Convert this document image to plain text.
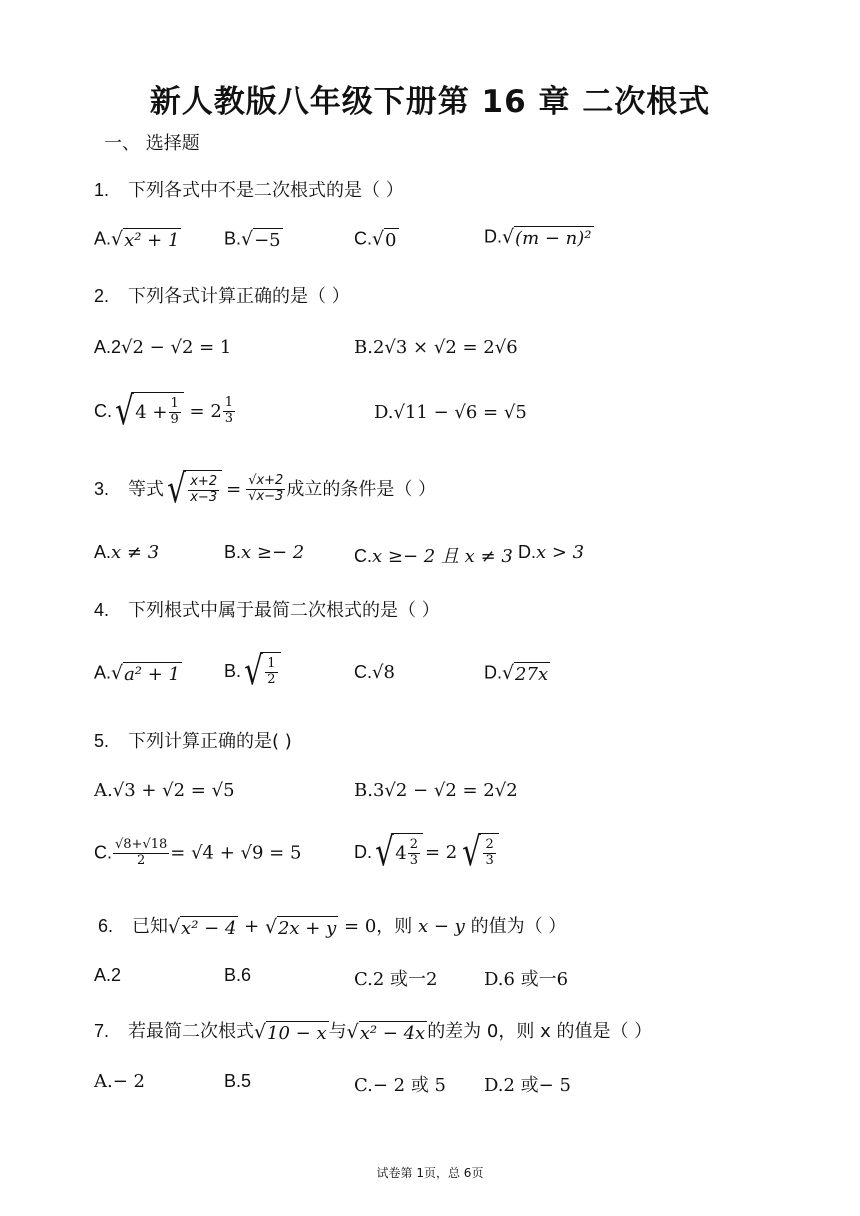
新人教版八年级下册第 16 章 二次根式
一、 选择题
1. 下列各式中不是二次根式的是（ ）
A. √ x² + 1 B. √ −5	C. √ 0	D. √ (m − n)²
2. 下列各式计算正确的是（ ）
A.2√2 − √2 = 1	B.2√3 × √2 = 2√6
C. √ $4 + \frac{1}{9} = 2 \frac{1}{3}$	D.√11 − √6 = √5
3. 等式 √ $\frac{x+2}{x-3} = \frac{√x+2}{√x-3}$ 成立的条件是（ ）
A.x ≠ 3	B.x ≥− 2	C.x ≥− 2 且 x ≠ 3 D.x > 3
4. 下列根式中属于最简二次根式的是（ ）
A. √ a² + 1 B. √ $\frac{1}{2}$	C.√8	D. √ 27x
5. 下列计算正确的是( )
A.√3 + √2 = √5	B.3√2 − √2 = 2√2
C. $\frac{√8+√18}{2} = √4 + √9 = 5$	D. √ $4 \frac{2}{3} = 2$ √ $\frac{2}{3}$
6. 已知 √ x² − 4 + √ 2x + y = 0，则 x − y 的值为（ ）
A.2	B.6	C.2 或一2	D.6 或一6
7. 若最简二次根式 √ 10 − x 与 √ x² − 4x 的差为 0，则 x 的值是（ ）
A.− 2	B.5	C.− 2 或 5 D.2 或− 5
试卷第 1页，总 6页
